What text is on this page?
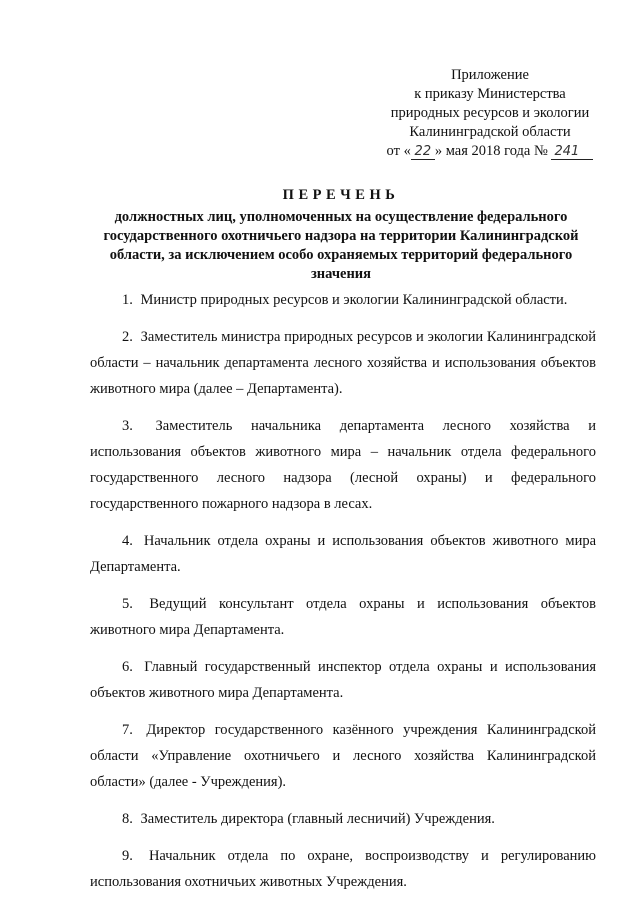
Приложение
к приказу Министерства
природных ресурсов и экологии
Калининградской области
от « 22 » мая 2018 года № 241
ПЕРЕЧЕНЬ
должностных лиц, уполномоченных на осуществление федерального государственного охотничьего надзора на территории Калининградской области, за исключением особо охраняемых территорий федерального значения

1. Министр природных ресурсов и экологии Калининградской области.

2. Заместитель министра природных ресурсов и экологии Калининградской области – начальник департамента лесного хозяйства и использования объектов животного мира (далее – Департамента).

3. Заместитель начальника департамента лесного хозяйства и использования объектов животного мира – начальник отдела федерального государственного лесного надзора (лесной охраны) и федерального государственного пожарного надзора в лесах.

4. Начальник отдела охраны и использования объектов животного мира Департамента.

5. Ведущий консультант отдела охраны и использования объектов животного мира Департамента.

6. Главный государственный инспектор отдела охраны и использования объектов животного мира Департамента.

7. Директор государственного казённого учреждения Калининградской области «Управление охотничьего и лесного хозяйства Калининградской области» (далее - Учреждения).

8. Заместитель директора (главный лесничий) Учреждения.

9. Начальник отдела по охране, воспроизводству и регулированию использования охотничьих животных Учреждения.
